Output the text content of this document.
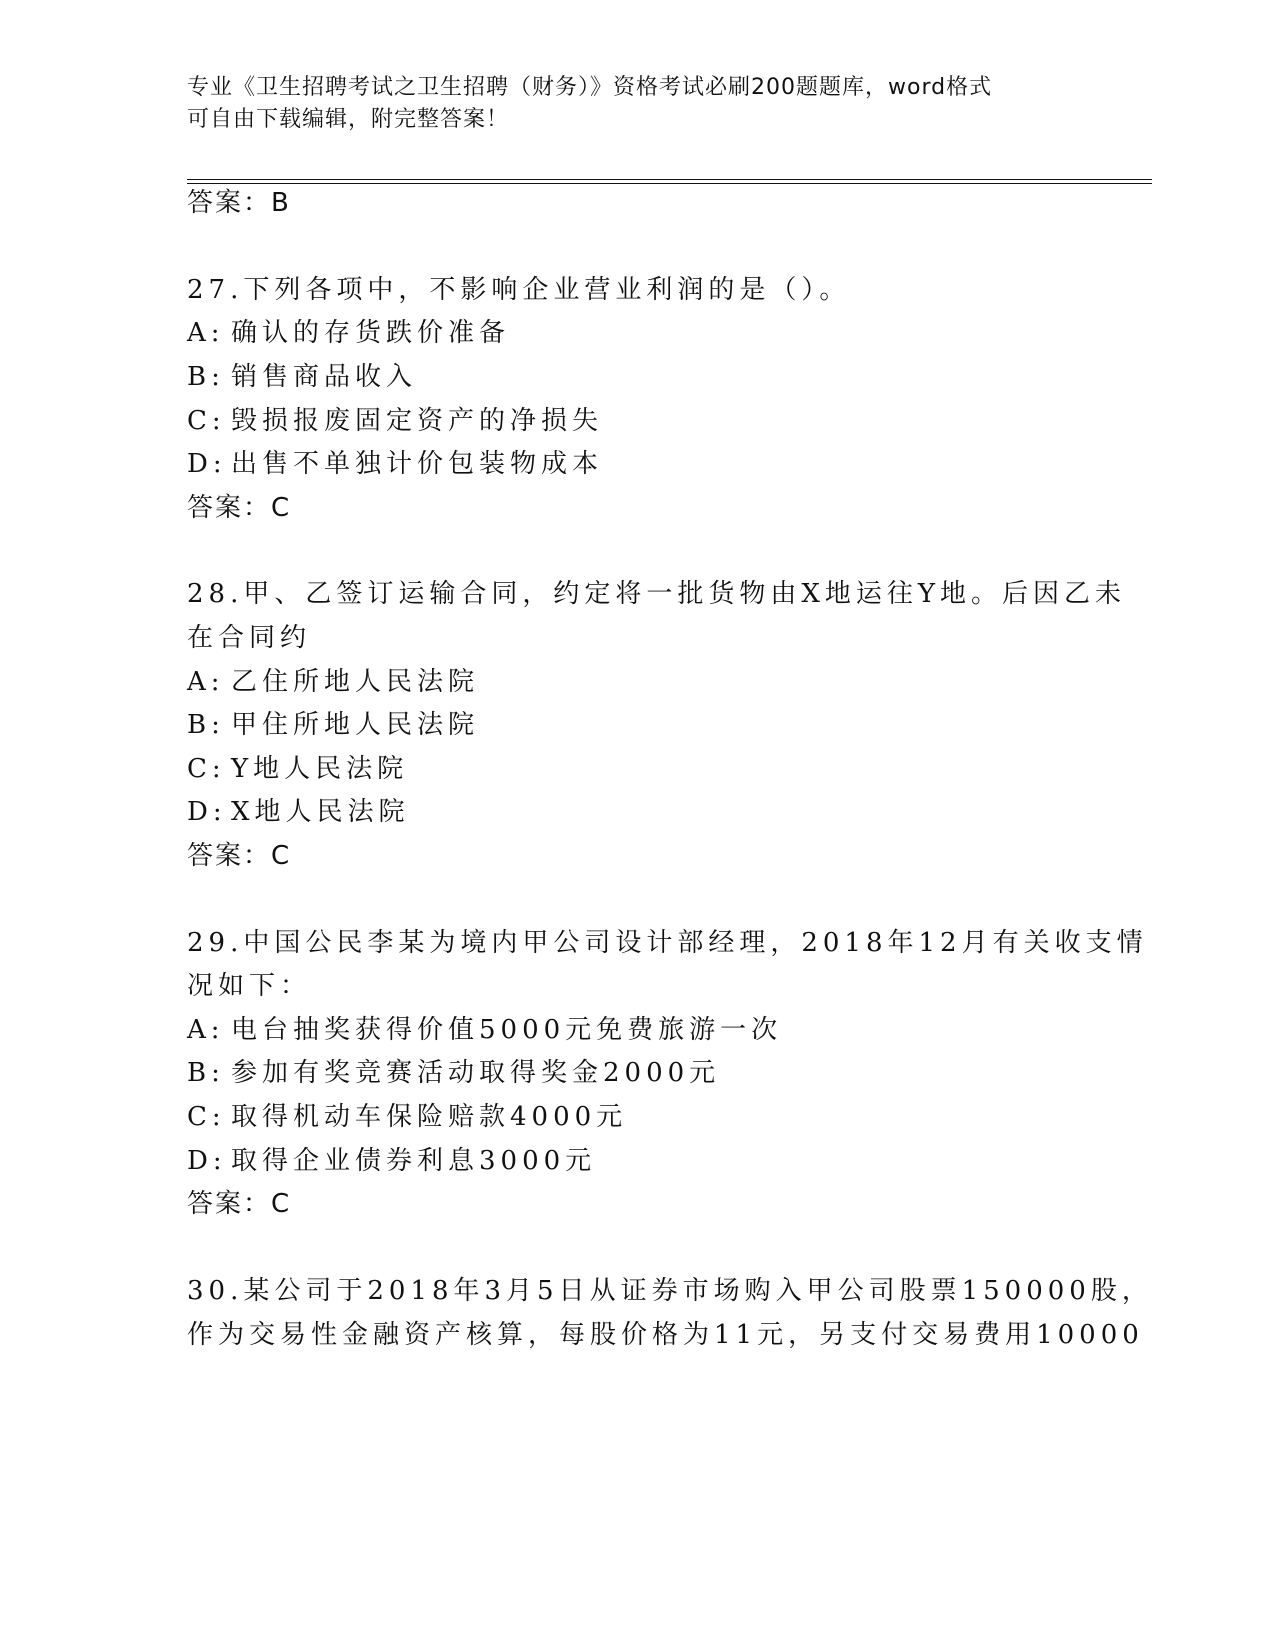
专业《卫生招聘考试之卫生招聘（财务）》资格考试必刷200题题库，word格式
可自由下载编辑，附完整答案！
答案：B
27.下列各项中，不影响企业营业利润的是（）。
A: 确认的存货跌价准备
B: 销售商品收入
C: 毁损报废固定资产的净损失
D: 出售不单独计价包装物成本
答案：C
28.甲、乙签订运输合同，约定将一批货物由X地运往Y地。后因乙未
在合同约
A: 乙住所地人民法院
B: 甲住所地人民法院
C: Y地人民法院
D: X地人民法院
答案：C
29.中国公民李某为境内甲公司设计部经理，2018年12月有关收支情
况如下：
A: 电台抽奖获得价值5000元免费旅游一次
B: 参加有奖竞赛活动取得奖金2000元
C: 取得机动车保险赔款4000元
D: 取得企业债券利息3000元
答案：C
30.某公司于2018年3月5日从证券市场购入甲公司股票150000股，
作为交易性金融资产核算，每股价格为11元，另支付交易费用10000
